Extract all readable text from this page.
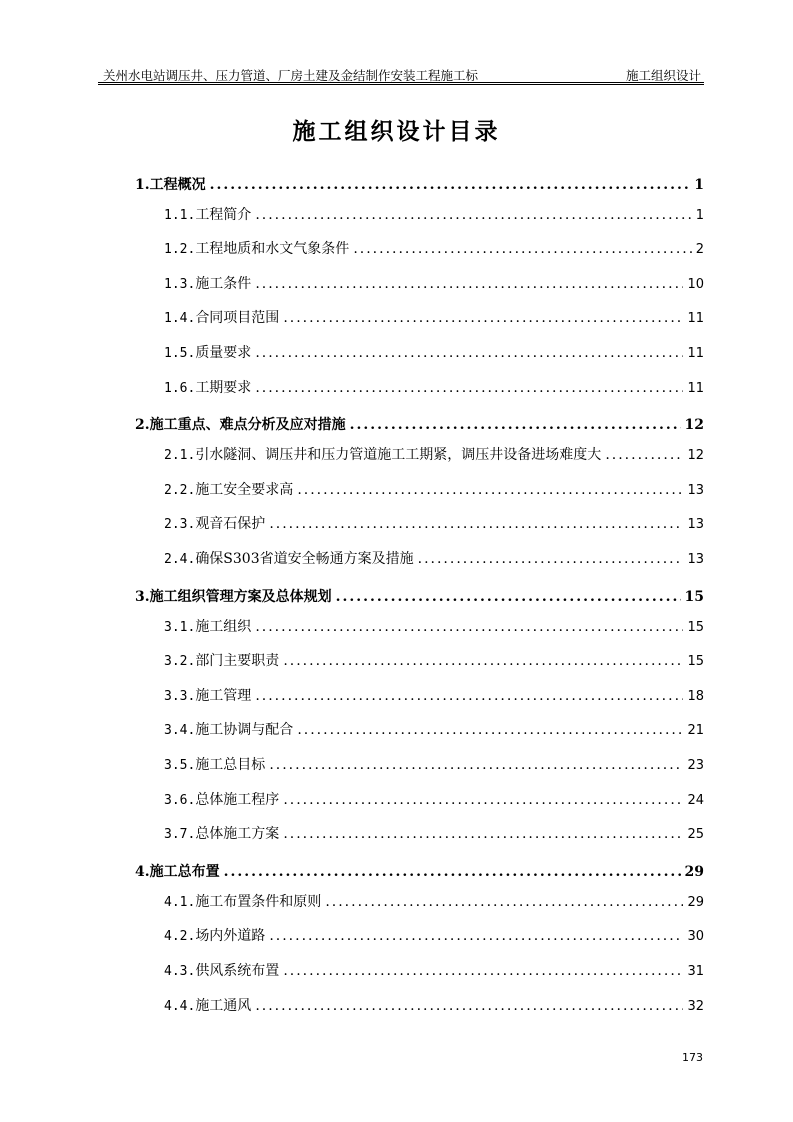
关州水电站调压井、压力管道、厂房土建及金结制作安装工程施工标	施工组织设计
施工组织设计目录
1. 工程概况 .....	1
1.1. 工程简介 .....	1
1.2. 工程地质和水文气象条件 .....	2
1.3. 施工条件 .....	10
1.4. 合同项目范围 .....	11
1.5. 质量要求 .....	11
1.6. 工期要求 .....	11
2. 施工重点、难点分析及应对措施 .....	12
2.1. 引水隧洞、调压井和压力管道施工工期紧，调压井设备进场难度大 .....	12
2.2. 施工安全要求高 .....	13
2.3. 观音石保护 .....	13
2.4. 确保S303省道安全畅通方案及措施 .....	13
3. 施工组织管理方案及总体规划 .....	15
3.1. 施工组织 .....	15
3.2. 部门主要职责 .....	15
3.3. 施工管理 .....	18
3.4. 施工协调与配合 .....	21
3.5. 施工总目标 .....	23
3.6. 总体施工程序 .....	24
3.7. 总体施工方案 .....	25
4. 施工总布置 .....	29
4.1. 施工布置条件和原则 .....	29
4.2. 场内外道路 .....	30
4.3. 供风系统布置 .....	31
4.4. 施工通风 .....	32
173
